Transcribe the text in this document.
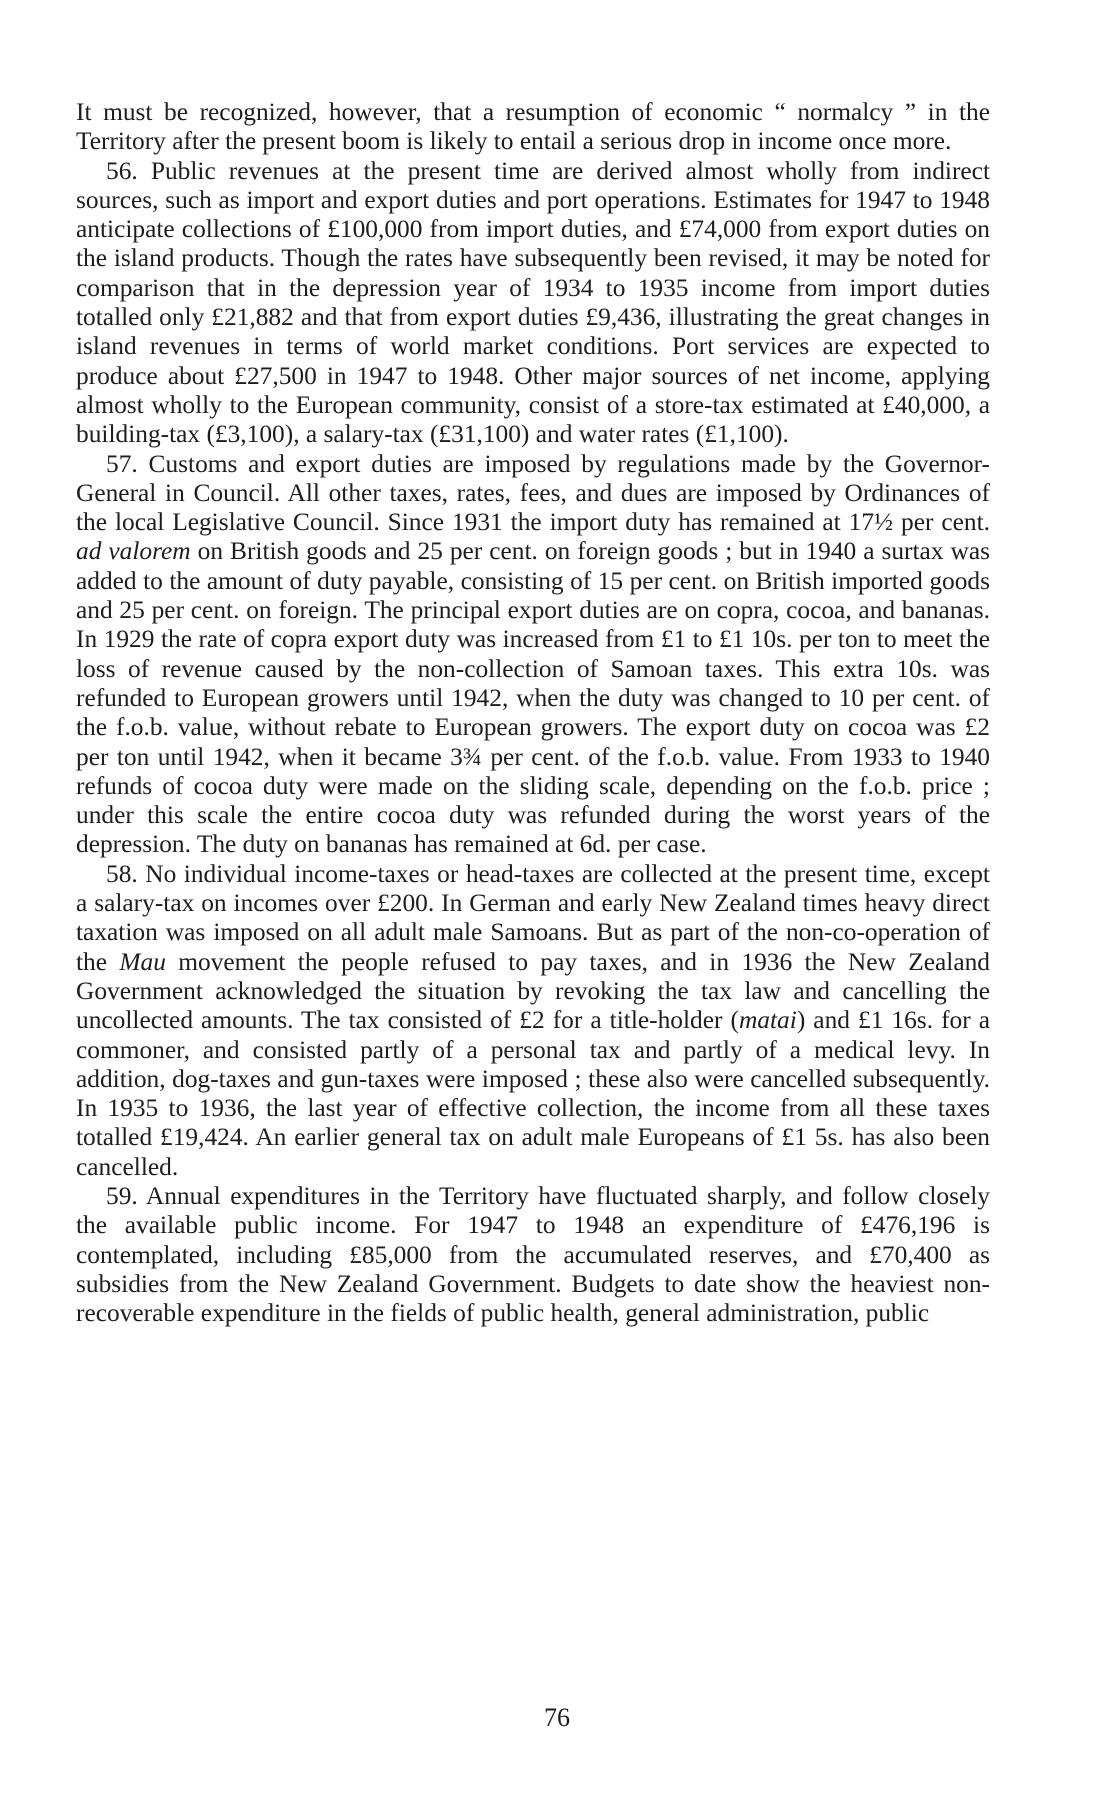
It must be recognized, however, that a resumption of economic “ normalcy ” in the Territory after the present boom is likely to entail a serious drop in income once more.

56. Public revenues at the present time are derived almost wholly from indirect sources, such as import and export duties and port operations. Estimates for 1947 to 1948 anticipate collections of £100,000 from import duties, and £74,000 from export duties on the island products. Though the rates have subsequently been revised, it may be noted for comparison that in the depression year of 1934 to 1935 income from import duties totalled only £21,882 and that from export duties £9,436, illustrating the great changes in island revenues in terms of world market conditions. Port services are expected to produce about £27,500 in 1947 to 1948. Other major sources of net income, applying almost wholly to the European community, consist of a store-tax estimated at £40,000, a building-tax (£3,100), a salary-tax (£31,100) and water rates (£1,100).

57. Customs and export duties are imposed by regulations made by the Governor-General in Council. All other taxes, rates, fees, and dues are imposed by Ordinances of the local Legislative Council. Since 1931 the import duty has remained at 17½ per cent. ad valorem on British goods and 25 per cent. on foreign goods ; but in 1940 a surtax was added to the amount of duty payable, consisting of 15 per cent. on British imported goods and 25 per cent. on foreign. The principal export duties are on copra, cocoa, and bananas. In 1929 the rate of copra export duty was increased from £1 to £1 10s. per ton to meet the loss of revenue caused by the non-collection of Samoan taxes. This extra 10s. was refunded to European growers until 1942, when the duty was changed to 10 per cent. of the f.o.b. value, without rebate to European growers. The export duty on cocoa was £2 per ton until 1942, when it became 3¾ per cent. of the f.o.b. value. From 1933 to 1940 refunds of cocoa duty were made on the sliding scale, depending on the f.o.b. price ; under this scale the entire cocoa duty was refunded during the worst years of the depression. The duty on bananas has remained at 6d. per case.

58. No individual income-taxes or head-taxes are collected at the present time, except a salary-tax on incomes over £200. In German and early New Zealand times heavy direct taxation was imposed on all adult male Samoans. But as part of the non-co-operation of the Mau movement the people refused to pay taxes, and in 1936 the New Zealand Government acknowledged the situation by revoking the tax law and cancelling the uncollected amounts. The tax consisted of £2 for a title-holder (matai) and £1 16s. for a commoner, and consisted partly of a personal tax and partly of a medical levy. In addition, dog-taxes and gun-taxes were imposed ; these also were cancelled subsequently. In 1935 to 1936, the last year of effective collection, the income from all these taxes totalled £19,424. An earlier general tax on adult male Europeans of £1 5s. has also been cancelled.

59. Annual expenditures in the Territory have fluctuated sharply, and follow closely the available public income. For 1947 to 1948 an expenditure of £476,196 is contemplated, including £85,000 from the accumulated reserves, and £70,400 as subsidies from the New Zealand Government. Budgets to date show the heaviest non-recoverable expenditure in the fields of public health, general administration, public

76
